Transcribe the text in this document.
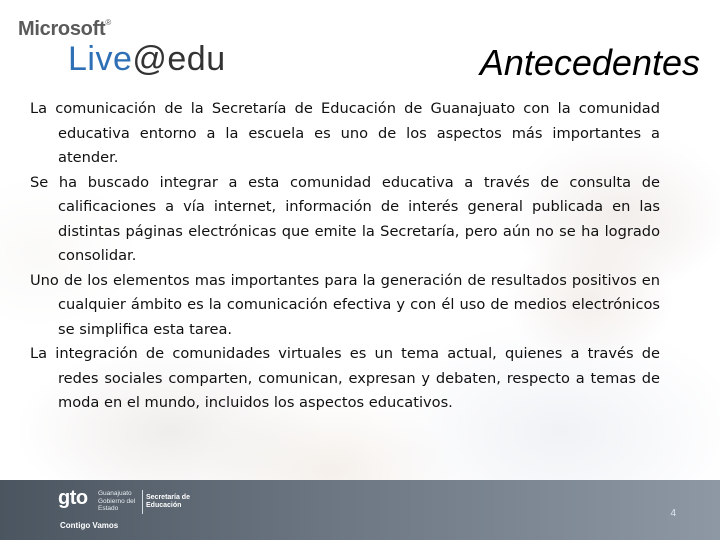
Microsoft®
Live@edu	Antecedentes

La comunicación de la Secretaría de Educación de Guanajuato con la comunidad educativa entorno a la escuela es uno de los aspectos más importantes a atender.

Se ha buscado integrar a esta comunidad educativa a través de consulta de calificaciones a vía internet, información de interés general publicada en las distintas páginas electrónicas que emite la Secretaría, pero aún no se ha logrado consolidar.

Uno de los elementos mas importantes para la generación de resultados positivos en cualquier ámbito es la comunicación efectiva y con él uso de medios electrónicos se simplifica esta tarea.

La integración de comunidades virtuales es un tema actual, quienes a través de redes sociales comparten, comunican, expresan y debaten, respecto a temas de moda en el mundo, incluidos los aspectos educativos.

gto Guanajuato Gobierno del Estado
Secretaría de Educación
Contigo Vamos
4
